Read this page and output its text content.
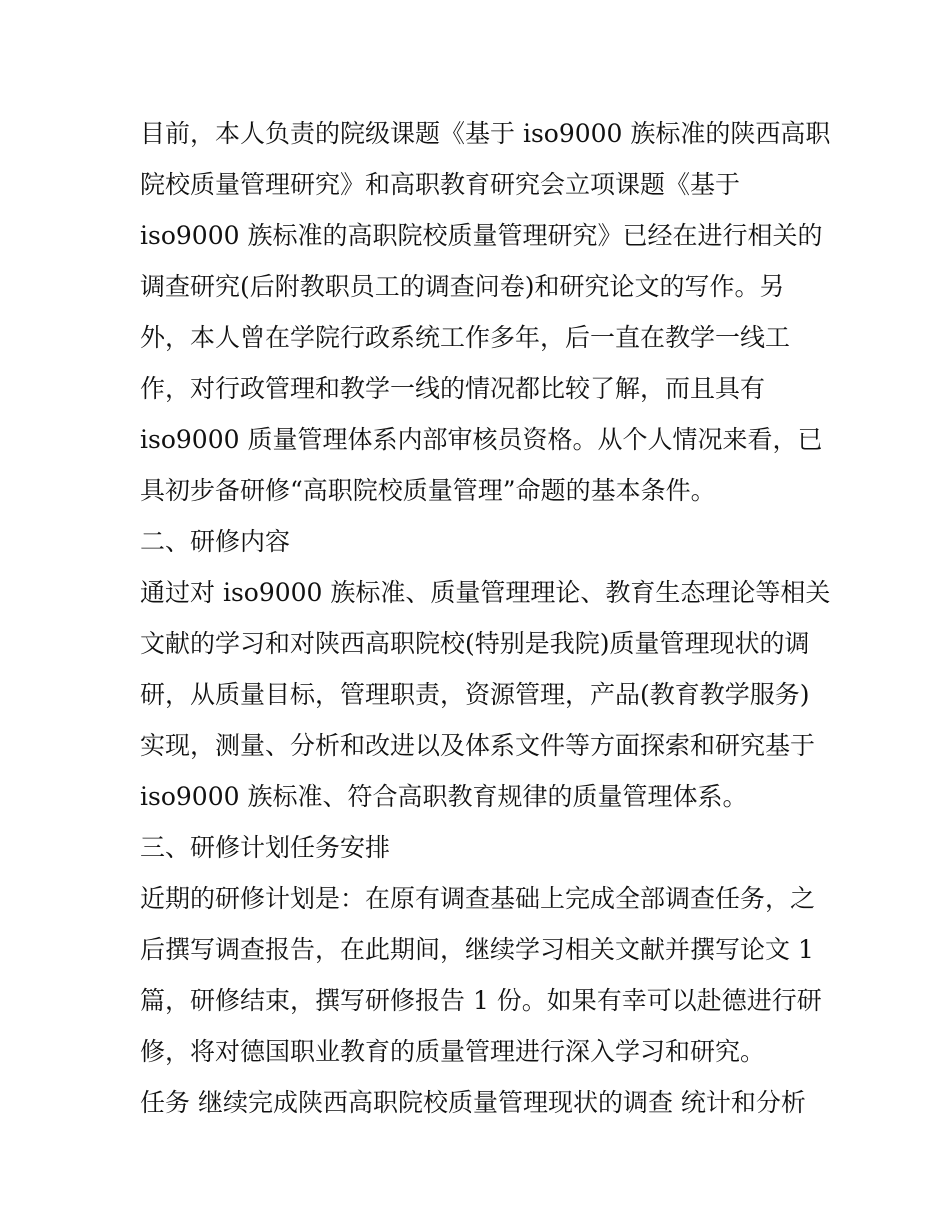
目前，本人负责的院级课题《基于 iso9000 族标准的陕西高职
院校质量管理研究》和高职教育研究会立项课题《基于
iso9000 族标准的高职院校质量管理研究》已经在进行相关的
调查研究(后附教职员工的调查问卷)和研究论文的写作。另
外，本人曾在学院行政系统工作多年，后一直在教学一线工
作，对行政管理和教学一线的情况都比较了解，而且具有
iso9000 质量管理体系内部审核员资格。从个人情况来看，已
具初步备研修“高职院校质量管理”命题的基本条件。
二、研修内容
通过对 iso9000 族标准、质量管理理论、教育生态理论等相关
文献的学习和对陕西高职院校(特别是我院)质量管理现状的调
研，从质量目标，管理职责，资源管理，产品(教育教学服务)
实现，测量、分析和改进以及体系文件等方面探索和研究基于
iso9000 族标准、符合高职教育规律的质量管理体系。
三、研修计划任务安排
近期的研修计划是：在原有调查基础上完成全部调查任务，之
后撰写调查报告，在此期间，继续学习相关文献并撰写论文 1
篇，研修结束，撰写研修报告 1 份。如果有幸可以赴德进行研
修，将对德国职业教育的质量管理进行深入学习和研究。
任务 继续完成陕西高职院校质量管理现状的调查 统计和分析
